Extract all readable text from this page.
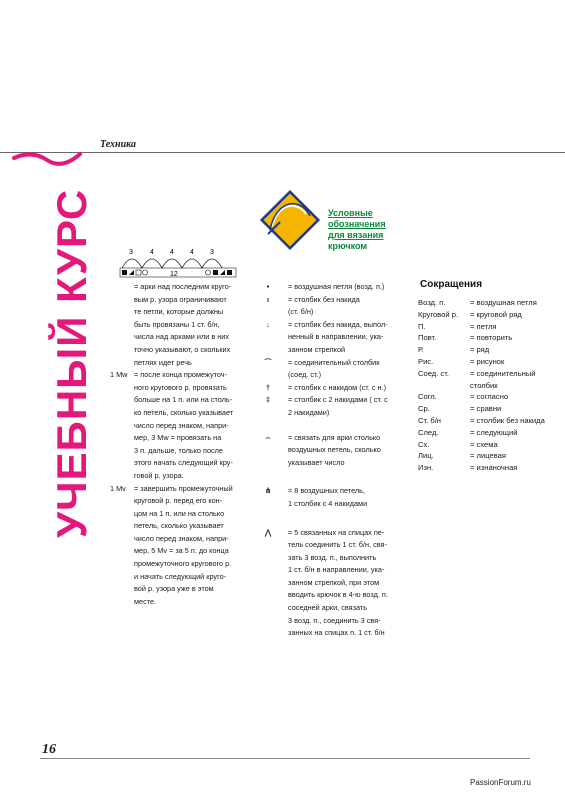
Техника
УЧЕБНЫЙ КУРС	Условные
обозначения
для вязания
крючком
3 4 4 4 3
12
= арки над последним круго-
вым р. узора ограничивают
те петли, которые должны
быть провязаны 1 ст. б/н,
числа над арками или в них
точно указывают, о скольких
петлях идет речь
1 Mw = после конца промежуточ-
ного кругового р. провязать
больше на 1 п. или на столь-
ко петель, сколько указывает
число перед знаком, напри-
мер, 3 Mw = провязать на
3 п. дальше, только после
этого начать следующий кру-
говой р. узора.
1 Mv = завершить промежуточный
круговой р. перед его кон-
цом на 1 п. или на столько
петель, сколько указывает
число перед знаком, напри-
мер, 5 Mv = за 5 п. до конца
промежуточного кругового р.
и начать следующий круго-
вой р. узора уже в этом
месте.
•	= воздушная петля (возд. п.)
ı	= столбик без накида
(ст. б/н)
↓	= столбик без накида, выпол-
ненный в направлении, ука-
занном стрелкой
⌒	= соединительный столбик
(соед. ст.)
†	= столбик с накидом (ст. с н.)
‡	= столбик с 2 накидами ( ст. с
2 накидами)
⌢	= связать для арки столько
воздушных петель, сколько
указывает число
⋔	= 8 воздушных петель,
1 столбик с 4 накидами
⋀	= 5 связанных на спицах пе-
тель соединить 1 ст. б/н, свя-
зать 3 возд. п., выполнить
1 ст. б/н в направлении, ука-
занном стрелкой, при этом
вводить крючок в 4-ю возд. п.
соседней арки, связать
3 возд. п., соединить 3 свя-
занных на спицах п. 1 ст. б/н
Сокращения
Возд. п.	= воздушная петля
Круговой р.	= круговой ряд
П.	= петля
Повт.	= повторить
Р.	= ряд
Рис.	= рисунок
Соед. ст.	= соединительный
	столбик
Согл.	= согласно
Ср.	= сравни
Ст. б/н	= столбик без накида
След.	= следующий
Сх.	= схема
Лиц.	= лицевая
Изн.	= изнаночная
16
PassionForum.ru
